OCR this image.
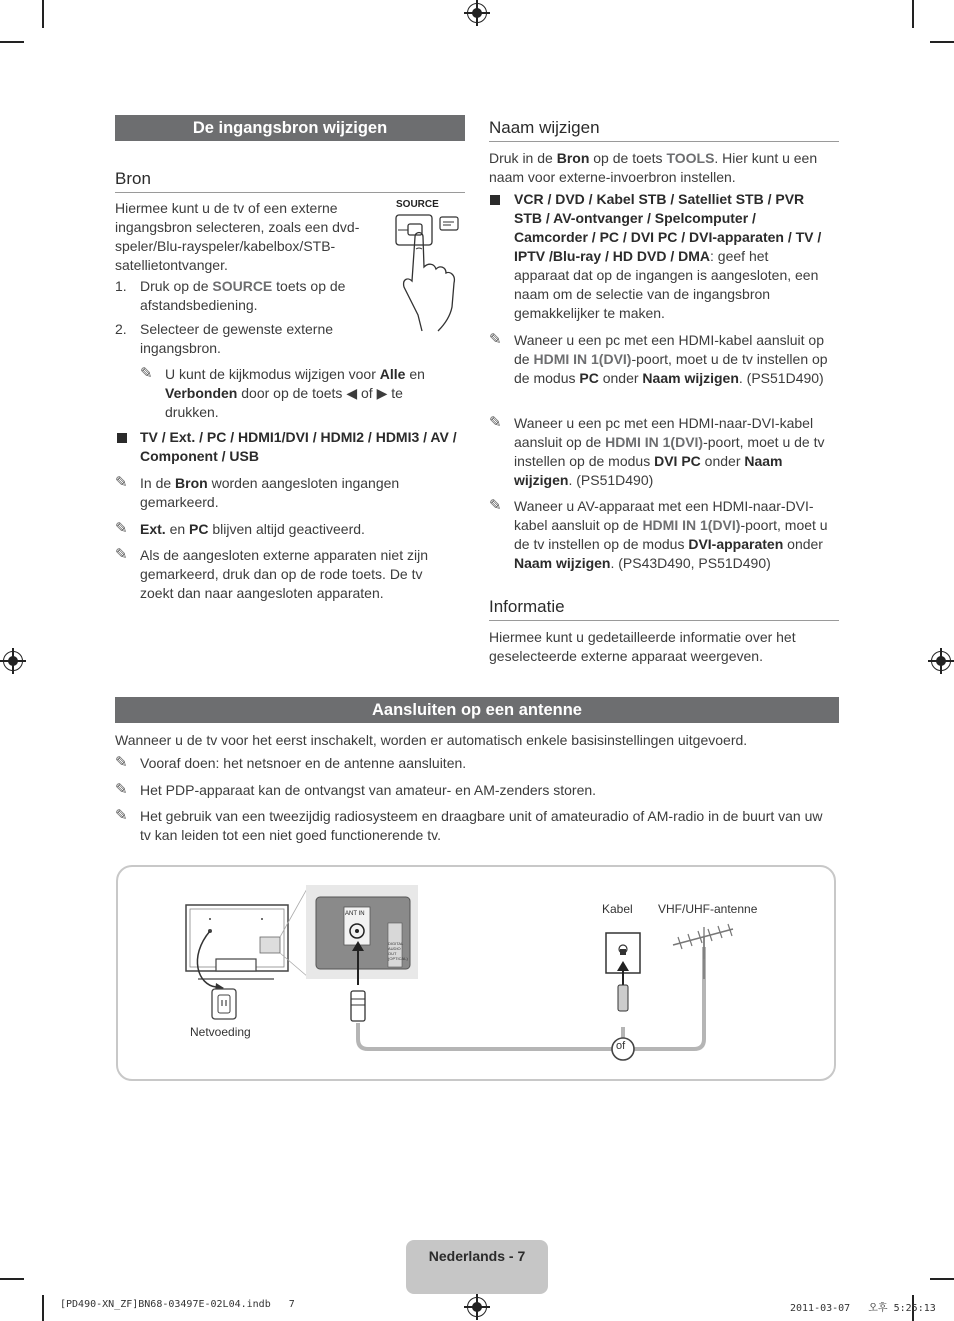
De ingangsbron wijzigen
Bron
Hiermee kunt u de tv of een externe ingangsbron selecteren, zoals een dvd-speler/Blu-rayspeler/kabelbox/STB-satellietontvanger.
SOURCE
1. Druk op de SOURCE toets op de afstandsbediening.
2. Selecteer de gewenste externe ingangsbron.
✎ U kunt de kijkmodus wijzigen voor Alle en Verbonden door op de toets ◀ of ▶ te drukken.
TV / Ext. / PC / HDMI1/DVI / HDMI2 / HDMI3 / AV / Component / USB
✎ In de Bron worden aangesloten ingangen gemarkeerd.
✎ Ext. en PC blijven altijd geactiveerd.
✎ Als de aangesloten externe apparaten niet zijn gemarkeerd, druk dan op de rode toets. De tv zoekt dan naar aangesloten apparaten.
Naam wijzigen
Druk in de Bron op de toets TOOLS. Hier kunt u een naam voor externe-invoerbron instellen.
VCR / DVD / Kabel STB / Satelliet STB / PVR STB / AV-ontvanger / Spelcomputer / Camcorder / PC / DVI PC / DVI-apparaten / TV / IPTV /Blu-ray / HD DVD / DMA: geef het apparaat dat op de ingangen is aangesloten, een naam om de selectie van de ingangsbron gemakkelijker te maken.
✎ Waneer u een pc met een HDMI-kabel aansluit op de HDMI IN 1(DVI)-poort, moet u de tv instellen op de modus PC onder Naam wijzigen. (PS51D490)
✎ Waneer u een pc met een HDMI-naar-DVI-kabel aansluit op de HDMI IN 1(DVI)-poort, moet u de tv instellen op de modus DVI PC onder Naam wijzigen. (PS51D490)
✎ Waneer u AV-apparaat met een HDMI-naar-DVI-kabel aansluit op de HDMI IN 1(DVI)-poort, moet u de tv instellen op de modus DVI-apparaten onder Naam wijzigen. (PS43D490, PS51D490)
Informatie
Hiermee kunt u gedetailleerde informatie over het geselecteerde externe apparaat weergeven.
Aansluiten op een antenne
Wanneer u de tv voor het eerst inschakelt, worden er automatisch enkele basisinstellingen uitgevoerd.
✎ Vooraf doen: het netsnoer en de antenne aansluiten.
✎ Het PDP-apparaat kan de ontvangst van amateur- en AM-zenders storen.
✎ Het gebruik van een tweezijdig radiosysteem en draagbare unit of amateuradio of AM-radio in de buurt van uw tv kan leiden tot een niet goed functionerende tv.
ANT IN
DIGITAL AUDIO OUT (OPTICAL)
Netvoeding
Kabel VHF/UHF-antenne
of
Nederlands - 7
[PD490-XN_ZF]BN68-03497E-02L04.indb   7	2011-03-07   오후 5:25:13
